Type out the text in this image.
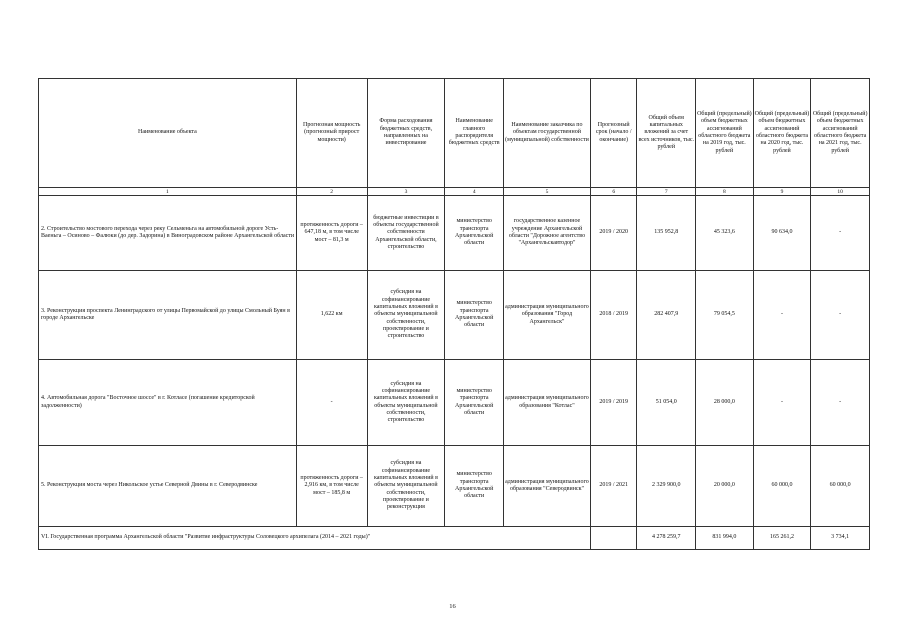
Наименование объекта	Прогнозная мощность (прогнозный прирост мощности)	Форма расходования бюджетных средств, направленных на инвестирование	Наименование главного распорядителя бюджетных средств	Наименование заказчика по объектам государственной (муниципальной) собственности	Прогнозный срок (начало / окончание)	Общий объем капитальных вложений за счет всех источников, тыс. рублей	Общий (предельный) объем бюджетных ассигнований областного бюджета на 2019 год, тыс. рублей	Общий (предельный) объем бюджетных ассигнований областного бюджета на 2020 год, тыс. рублей	Общий (предельный) объем бюджетных ассигнований областного бюджета на 2021 год, тыс. рублей
1	2	3	4	5	6	7	8	9	10
2. Строительство мостового перехода через реку Сельменьга на автомобильной дороге Усть-Ваеньга – Осиново – Фалюки (до дер. Задорина) в Виноградовском районе Архангельской области	протяженность дороги – 647,18 м, в том числе мост – 81,3 м	бюджетные инвестиции в объекты государственной собственности Архангельской области, строительство	министерство транспорта Архангельской области	государственное казенное учреждение Архангельской области "Дорожное агентство "Архангельскавтодор"	2019 / 2020	135 952,8	45 323,6	90 634,0	-
3. Реконструкция проспекта Ленинградского от улицы Первомайской до улицы Смольный Буян в городе Архангельске	1,622 км	субсидия на софинансирование капитальных вложений в объекты муниципальной собственности, проектирование и строительство	министерство транспорта Архангельской области	администрация муниципального образования "Город Архангельск"	2018 / 2019	282 407,9	79 054,5	-	-
4. Автомобильная дорога "Восточное шоссе" в г. Котласе (погашение кредиторской задолженности)	-	субсидия на софинансирование капитальных вложений в объекты муниципальной собственности, строительство	министерство транспорта Архангельской области	администрация муниципального образования "Котлас"	2019 / 2019	51 054,0	28 000,0	-	-
5. Реконструкция моста через Никольское устье Северной Двины в г. Северодвинске	протяженность дороги – 2,916 км, в том числе мост – 185,8 м	субсидия на софинансирование капитальных вложений в объекты муниципальной собственности, проектирование и реконструкция	министерство транспорта Архангельской области	администрация муниципального образования "Северодвинск"	2019 / 2021	2 329 900,0	20 000,0	60 000,0	60 000,0
VI. Государственная программа Архангельской области "Развитие инфраструктуры Соловецкого архипелага (2014 – 2021 годы)"						4 278 259,7	831 994,0	165 261,2	3 734,1
16
